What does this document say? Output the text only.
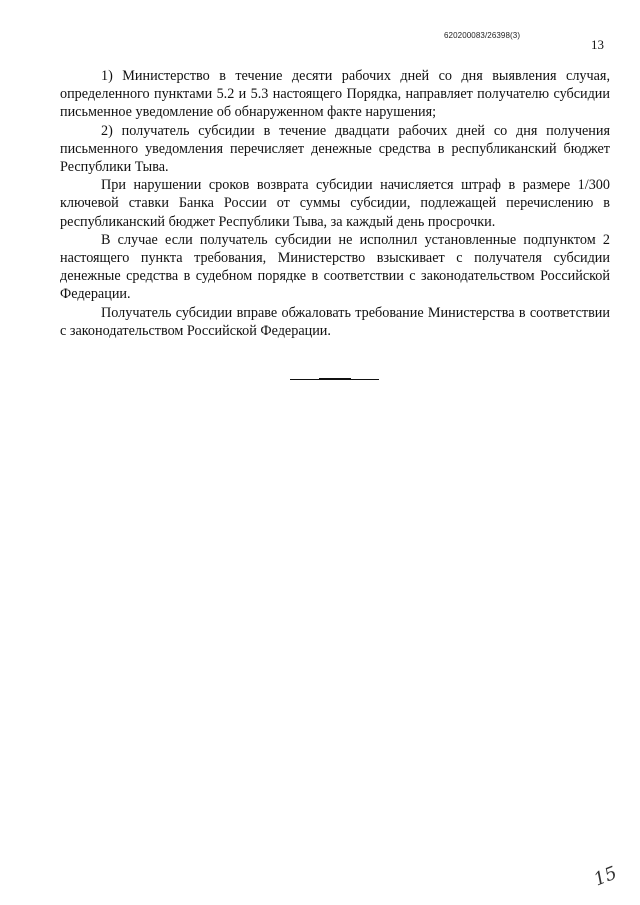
620200083/26398(3)
13

1) Министерство в течение десяти рабочих дней со дня выявления случая, определенного пунктами 5.2 и 5.3 настоящего Порядка, направляет получателю субсидии письменное уведомление об обнаруженном факте нарушения;

2) получатель субсидии в течение двадцати рабочих дней со дня получения письменного уведомления перечисляет денежные средства в республиканский бюджет Республики Тыва.

При нарушении сроков возврата субсидии начисляется штраф в размере 1/300 ключевой ставки Банка России от суммы субсидии, подлежащей перечислению в республиканский бюджет Республики Тыва, за каждый день просрочки.

В случае если получатель субсидии не исполнил установленные подпунктом 2 настоящего пункта требования, Министерство взыскивает с получателя субсидии денежные средства в судебном порядке в соответствии с законодательством Российской Федерации.

Получатель субсидии вправе обжаловать требование Министерства в соответствии с законодательством Российской Федерации.

15
